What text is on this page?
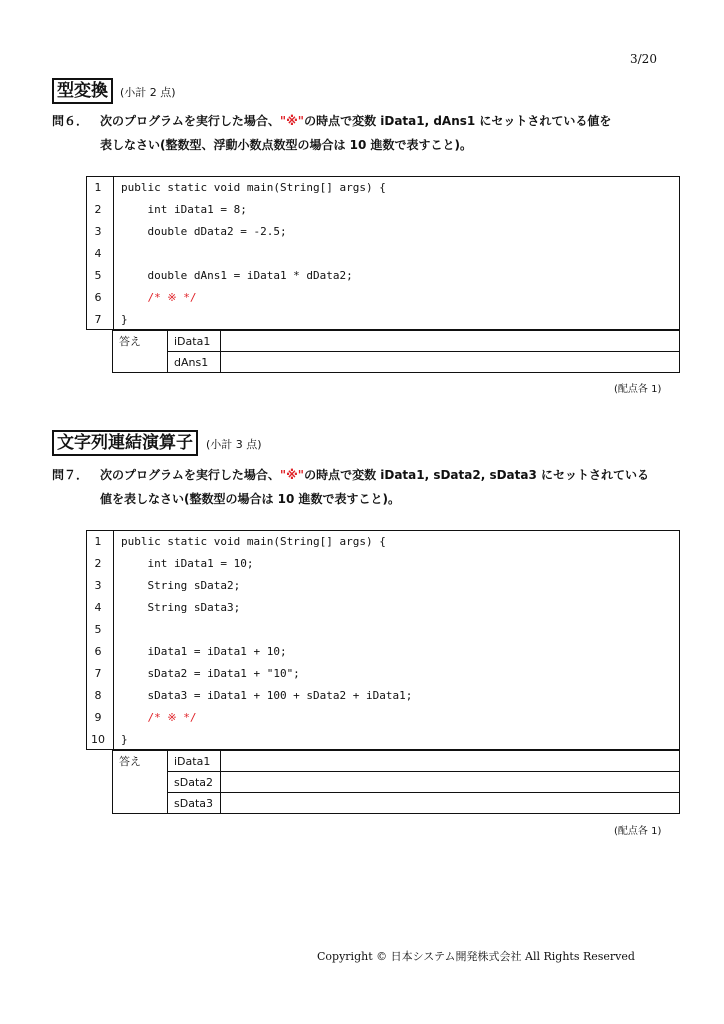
3/20
型変換	(小計 2 点)
問６． 次のプログラムを実行した場合、"※"の時点で変数 iData1, dAns1 にセットされている値を
表しなさい(整数型、浮動小数点数型の場合は 10 進数で表すこと)。
1	public static void main(String[] args) {
2	int iData1 = 8;
3	double dData2 = -2.5;
4
5	double dAns1 = iData1 * dData2;
6	/* ※ */
7	}
答え	iData1	
	dAns1	
(配点各 1)
文字列連結演算子	(小計 3 点)
問７． 次のプログラムを実行した場合、"※"の時点で変数 iData1, sData2, sData3 にセットされている
値を表しなさい(整数型の場合は 10 進数で表すこと)。
1	public static void main(String[] args) {
2	int iData1 = 10;
3	String sData2;
4	String sData3;
5
6	iData1 = iData1 + 10;
7	sData2 = iData1 + "10";
8	sData3 = iData1 + 100 + sData2 + iData1;
9	/* ※ */
10	}
答え	iData1	
	sData2	
	sData3	
(配点各 1)
Copyright © 日本システム開発株式会社 All Rights Reserved
